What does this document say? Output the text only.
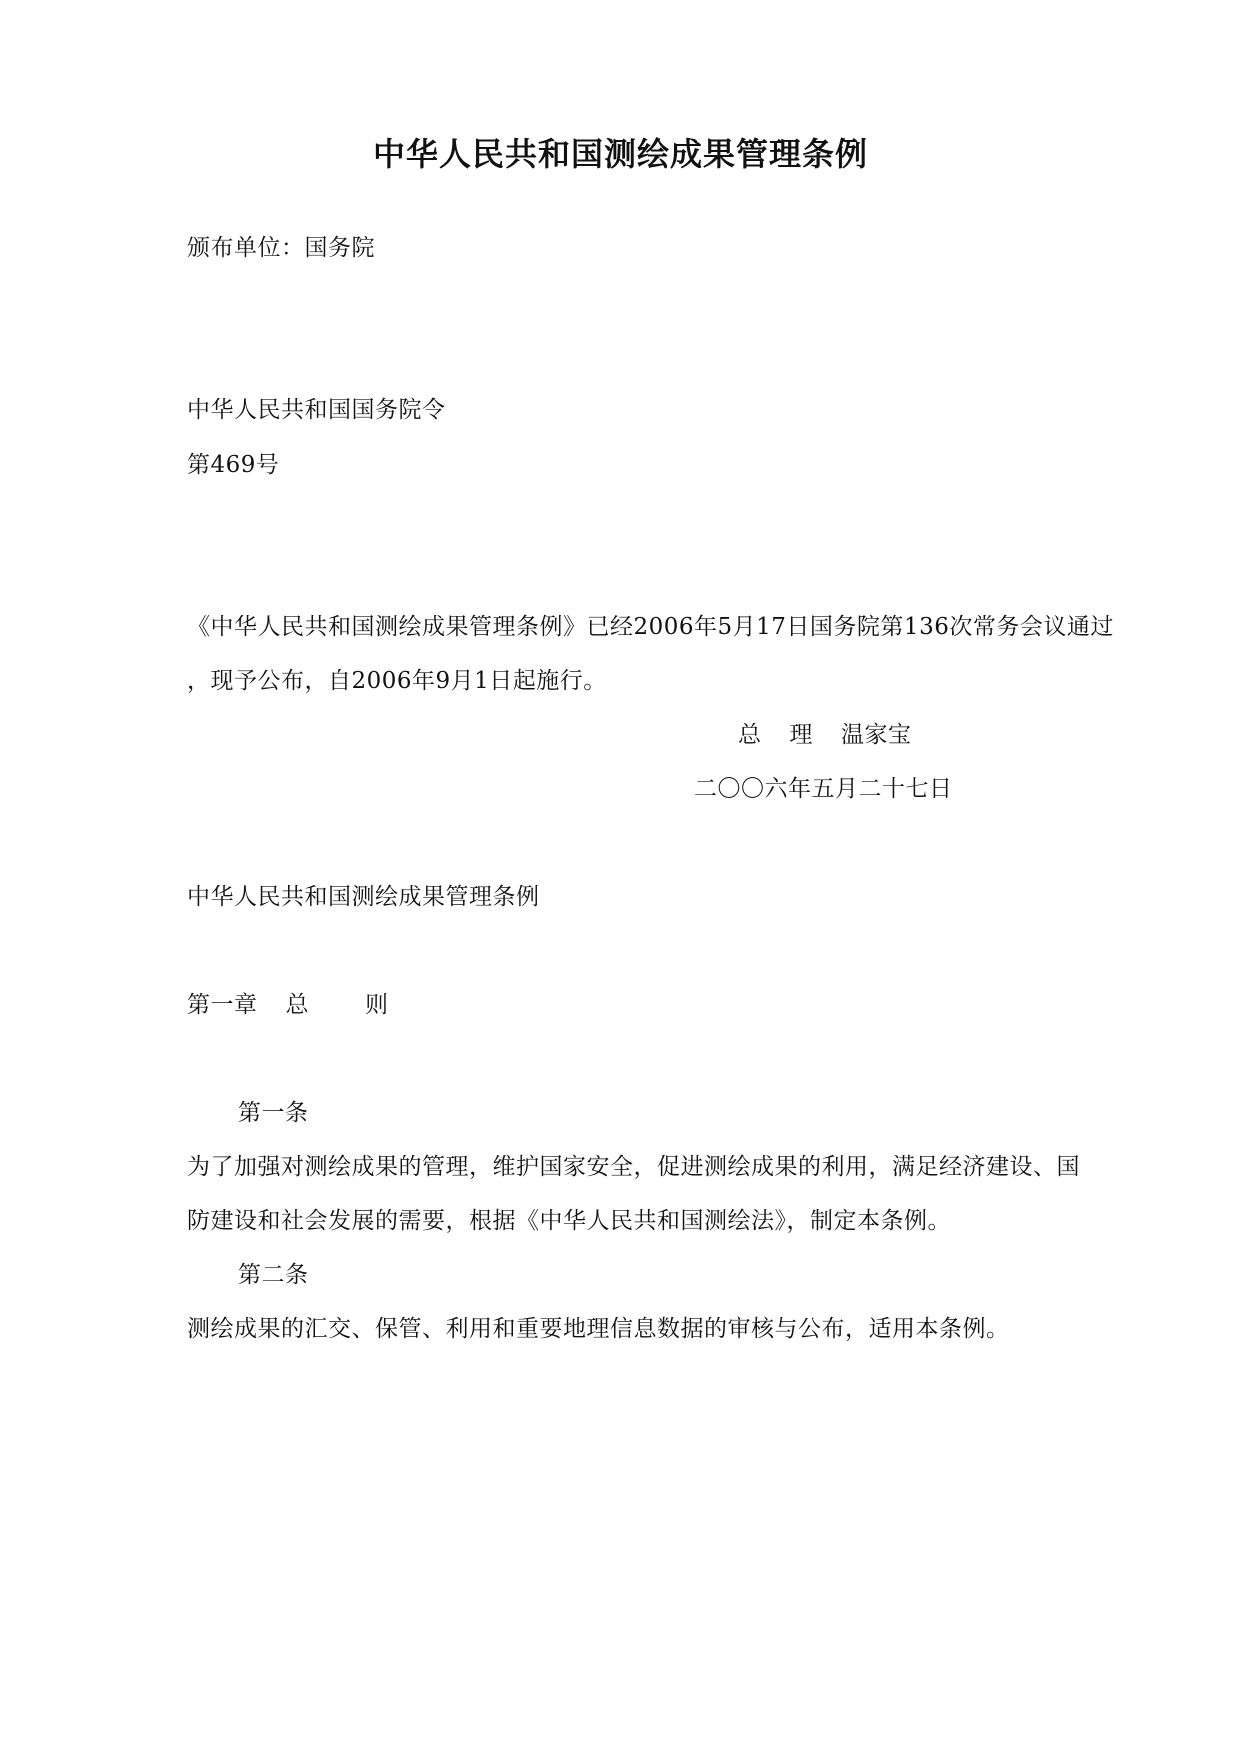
中华人民共和国测绘成果管理条例
颁布单位：国务院
中华人民共和国国务院令
第469号
《中华人民共和国测绘成果管理条例》已经2006年5月17日国务院第136次常务会议通过
，现予公布，自2006年9月1日起施行。
总 理 温家宝
二〇〇六年五月二十七日
中华人民共和国测绘成果管理条例
第一章 总 则
第一条
为了加强对测绘成果的管理，维护国家安全，促进测绘成果的利用，满足经济建设、国
防建设和社会发展的需要，根据《中华人民共和国测绘法》，制定本条例。
第二条
测绘成果的汇交、保管、利用和重要地理信息数据的审核与公布，适用本条例。
